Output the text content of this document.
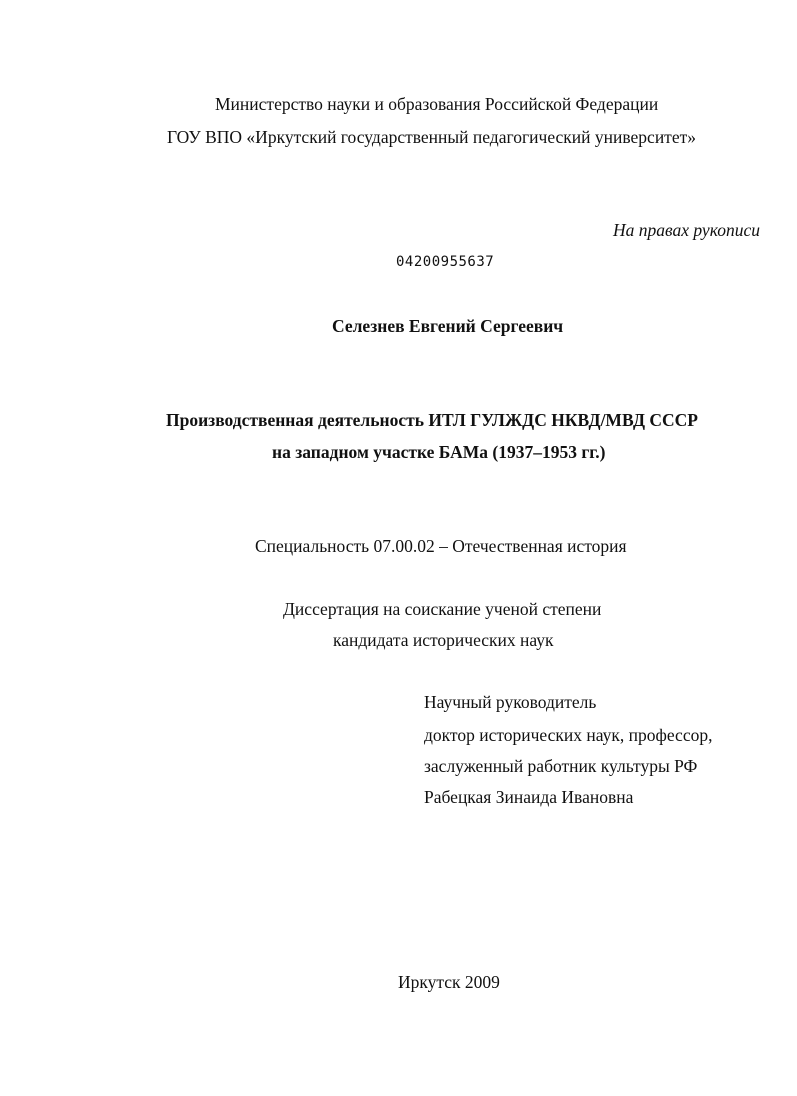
Министерство науки и образования Российской Федерации

ГОУ ВПО «Иркутский государственный педагогический университет»

На правах рукописи

04200955637

Селезнев Евгений Сергеевич

Производственная деятельность ИТЛ ГУЛЖДС НКВД/МВД СССР

на западном участке БАМа (1937–1953 гг.)

Специальность 07.00.02 – Отечественная история

Диссертация на соискание ученой степени

кандидата исторических наук

Научный руководитель

доктор исторических наук, профессор,

заслуженный работник культуры РФ

Рабецкая Зинаида Ивановна

Иркутск 2009
